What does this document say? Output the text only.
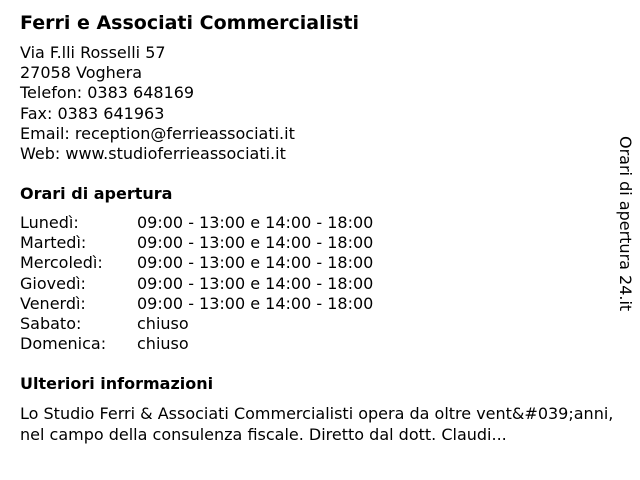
Ferri e Associati Commercialisti
Via F.lli Rosselli 57
27058 Voghera
Telefon: 0383 648169
Fax: 0383 641963
Email: reception@ferrieassociati.it
Web: www.studioferrieassociati.it
Orari di apertura
Lunedì:	09:00 - 13:00 e 14:00 - 18:00
Martedì:	09:00 - 13:00 e 14:00 - 18:00
Mercoledì: 09:00 - 13:00 e 14:00 - 18:00
Giovedì:	09:00 - 13:00 e 14:00 - 18:00
Venerdì:	09:00 - 13:00 e 14:00 - 18:00
Sabato:	chiuso
Domenica: chiuso
Ulteriori informazioni
Lo Studio Ferri & Associati Commercialisti opera da oltre vent&#039;anni, nel campo della consulenza fiscale. Diretto dal dott. Claudi...
Orari di apertura 24.it
